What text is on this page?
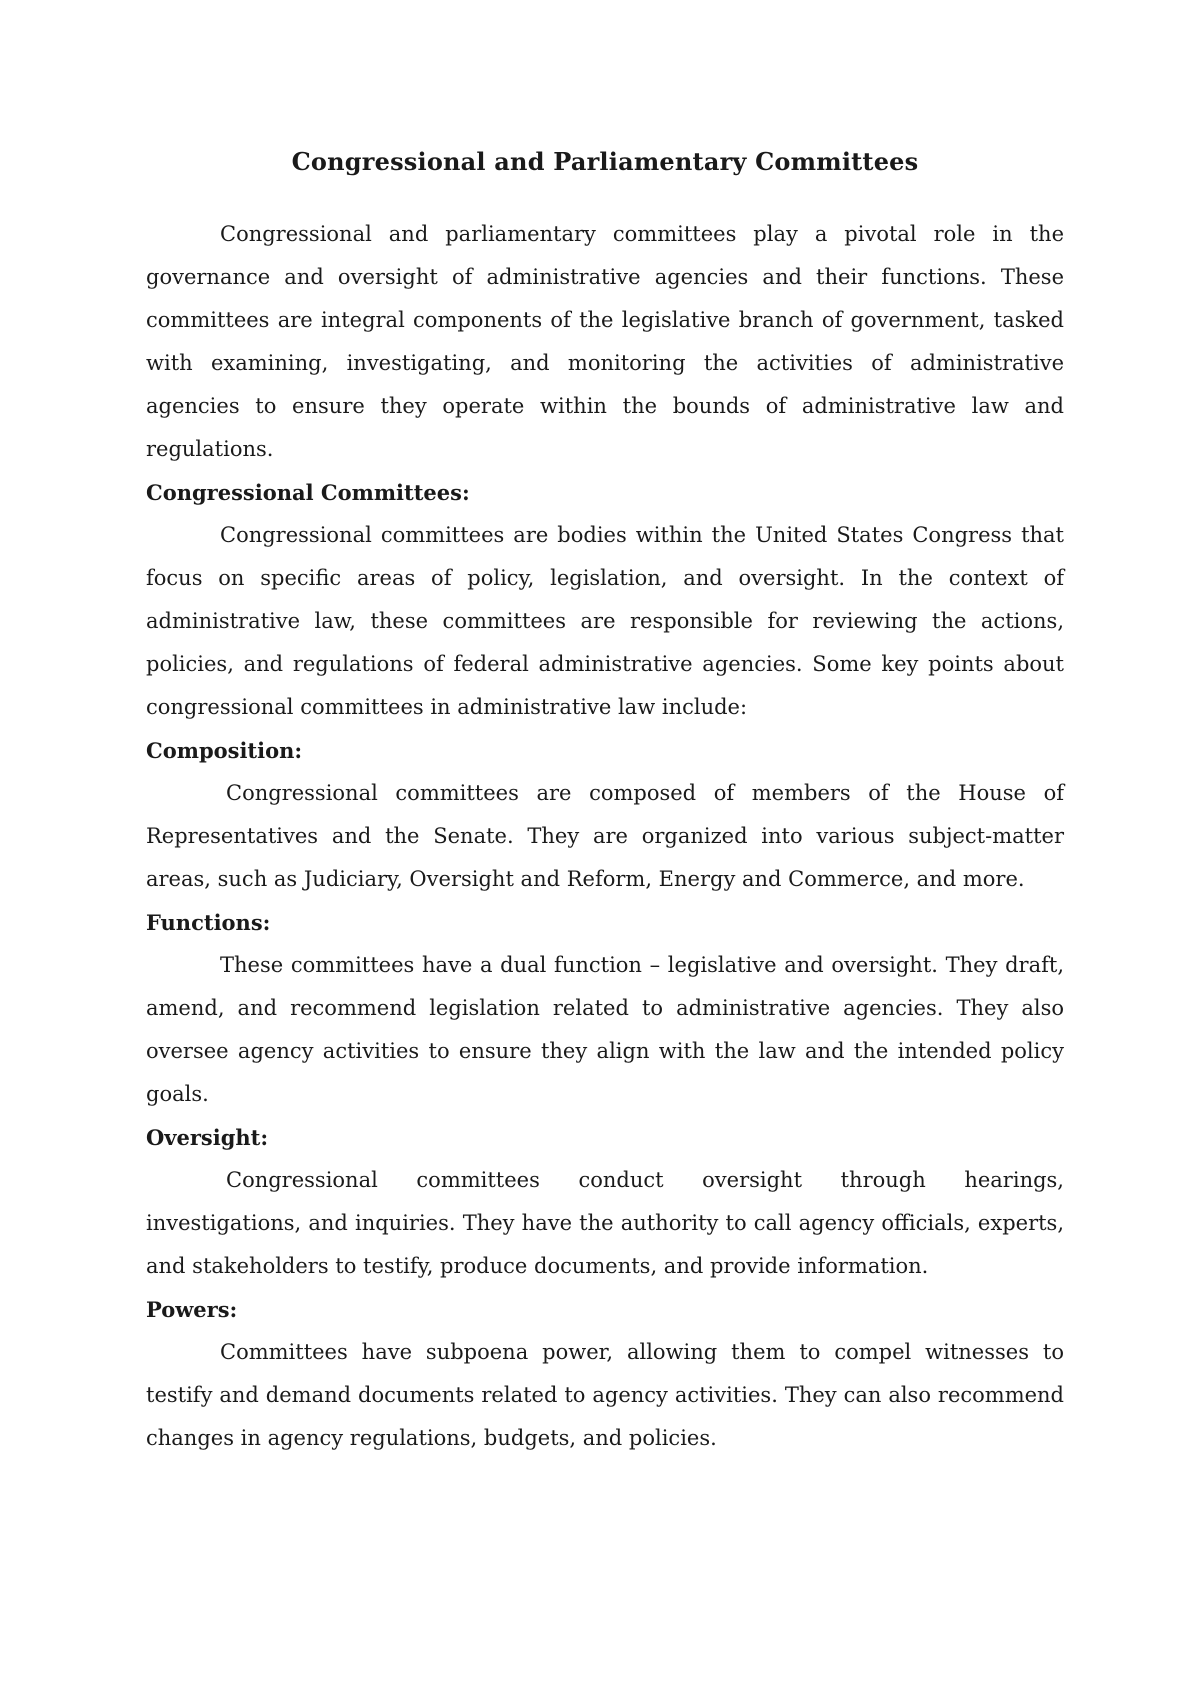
Congressional and Parliamentary Committees

Congressional and parliamentary committees play a pivotal role in the governance and oversight of administrative agencies and their functions. These committees are integral components of the legislative branch of government, tasked with examining, investigating, and monitoring the activities of administrative agencies to ensure they operate within the bounds of administrative law and regulations.

Congressional Committees:

Congressional committees are bodies within the United States Congress that focus on specific areas of policy, legislation, and oversight. In the context of administrative law, these committees are responsible for reviewing the actions, policies, and regulations of federal administrative agencies. Some key points about congressional committees in administrative law include:

Composition:

Congressional committees are composed of members of the House of Representatives and the Senate. They are organized into various subject-matter areas, such as Judiciary, Oversight and Reform, Energy and Commerce, and more.

Functions:

These committees have a dual function – legislative and oversight. They draft, amend, and recommend legislation related to administrative agencies. They also oversee agency activities to ensure they align with the law and the intended policy goals.

Oversight:

Congressional committees conduct oversight through hearings, investigations, and inquiries. They have the authority to call agency officials, experts, and stakeholders to testify, produce documents, and provide information.

Powers:

Committees have subpoena power, allowing them to compel witnesses to testify and demand documents related to agency activities. They can also recommend changes in agency regulations, budgets, and policies.
